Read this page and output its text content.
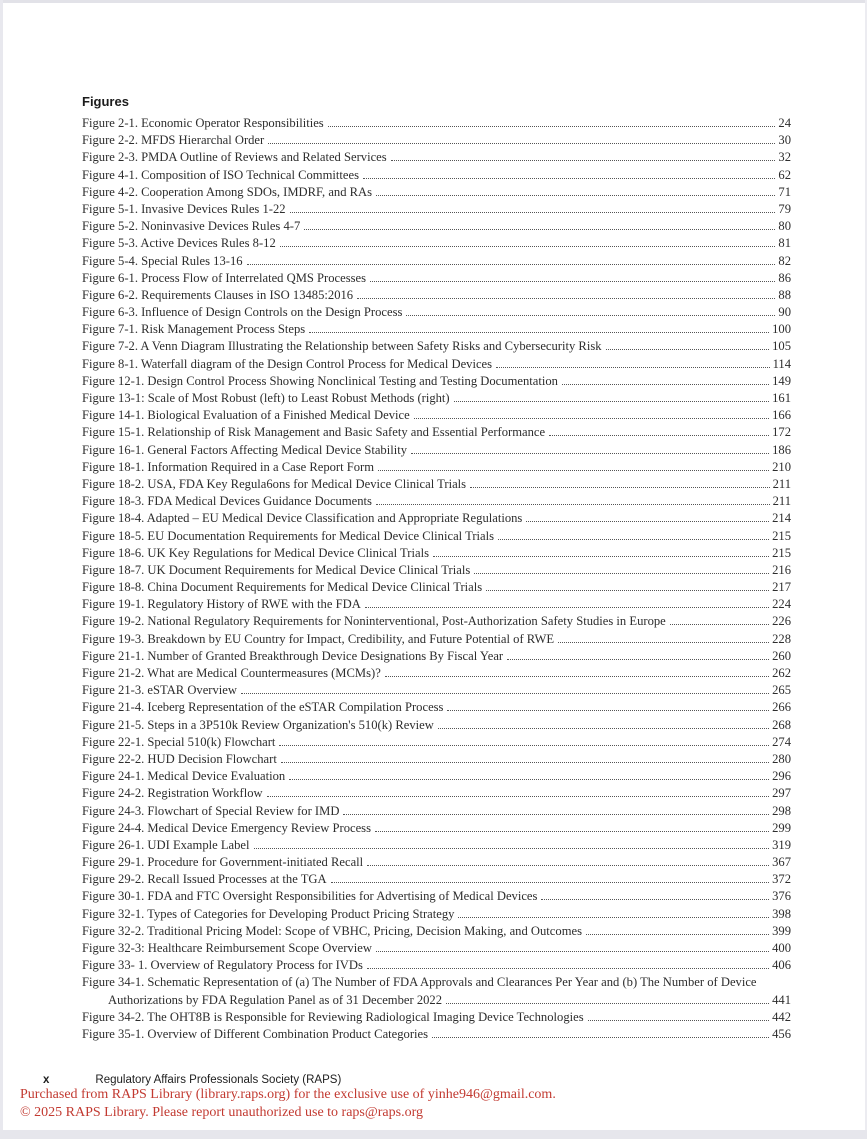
Figures
Figure 2-1. Economic Operator Responsibilities	24
Figure 2-2. MFDS Hierarchal Order	30
Figure 2-3. PMDA Outline of Reviews and Related Services	32
Figure 4-1. Composition of ISO Technical Committees	62
Figure 4-2. Cooperation Among SDOs, IMDRF, and RAs	71
Figure 5-1. Invasive Devices Rules 1-22	79
Figure 5-2. Noninvasive Devices Rules 4-7	80
Figure 5-3. Active Devices Rules 8-12	81
Figure 5-4. Special Rules 13-16	82
Figure 6-1. Process Flow of Interrelated QMS Processes	86
Figure 6-2. Requirements Clauses in ISO 13485:2016	88
Figure 6-3. Influence of Design Controls on the Design Process	90
Figure 7-1. Risk Management Process Steps	100
Figure 7-2. A Venn Diagram Illustrating the Relationship between Safety Risks and Cybersecurity Risk	105
Figure 8-1. Waterfall diagram of the Design Control Process for Medical Devices	114
Figure 12-1. Design Control Process Showing Nonclinical Testing and Testing Documentation	149
Figure 13-1: Scale of Most Robust (left) to Least Robust Methods (right)	161
Figure 14-1. Biological Evaluation of a Finished Medical Device	166
Figure 15-1. Relationship of Risk Management and Basic Safety and Essential Performance	172
Figure 16-1. General Factors Affecting Medical Device Stability	186
Figure 18-1. Information Required in a Case Report Form	210
Figure 18-2. USA, FDA Key Regula6ons for Medical Device Clinical Trials	211
Figure 18-3. FDA Medical Devices Guidance Documents	211
Figure 18-4. Adapted – EU Medical Device Classification and Appropriate Regulations	214
Figure 18-5. EU Documentation Requirements for Medical Device Clinical Trials	215
Figure 18-6. UK Key Regulations for Medical Device Clinical Trials	215
Figure 18-7. UK Document Requirements for Medical Device Clinical Trials	216
Figure 18-8. China Document Requirements for Medical Device Clinical Trials	217
Figure 19-1. Regulatory History of RWE with the FDA	224
Figure 19-2. National Regulatory Requirements for Noninterventional, Post-Authorization Safety Studies in Europe	226
Figure 19-3. Breakdown by EU Country for Impact, Credibility, and Future Potential of RWE	228
Figure 21-1. Number of Granted Breakthrough Device Designations By Fiscal Year	260
Figure 21-2. What are Medical Countermeasures (MCMs)?	262
Figure 21-3. eSTAR Overview	265
Figure 21-4. Iceberg Representation of the eSTAR Compilation Process	266
Figure 21-5. Steps in a 3P510k Review Organization's 510(k) Review	268
Figure 22-1. Special 510(k) Flowchart	274
Figure 22-2. HUD Decision Flowchart	280
Figure 24-1. Medical Device Evaluation	296
Figure 24-2. Registration Workflow	297
Figure 24-3. Flowchart of Special Review for IMD	298
Figure 24-4. Medical Device Emergency Review Process	299
Figure 26-1. UDI Example Label	319
Figure 29-1. Procedure for Government-initiated Recall	367
Figure 29-2. Recall Issued Processes at the TGA	372
Figure 30-1. FDA and FTC Oversight Responsibilities for Advertising of Medical Devices	376
Figure 32-1. Types of Categories for Developing Product Pricing Strategy	398
Figure 32-2. Traditional Pricing Model: Scope of VBHC, Pricing, Decision Making, and Outcomes	399
Figure 32-3: Healthcare Reimbursement Scope Overview	400
Figure 33- 1. Overview of Regulatory Process for IVDs	406
Figure 34-1. Schematic Representation of (a) The Number of FDA Approvals and Clearances Per Year and (b) The Number of Device
Authorizations by FDA Regulation Panel as of 31 December 2022	441
Figure 34-2. The OHT8B is Responsible for Reviewing Radiological Imaging Device Technologies	442
Figure 35-1. Overview of Different Combination Product Categories	456
x	Regulatory Affairs Professionals Society (RAPS)
Purchased from RAPS Library (library.raps.org) for the exclusive use of yinhe946@gmail.com.
© 2025 RAPS Library. Please report unauthorized use to raps@raps.org
